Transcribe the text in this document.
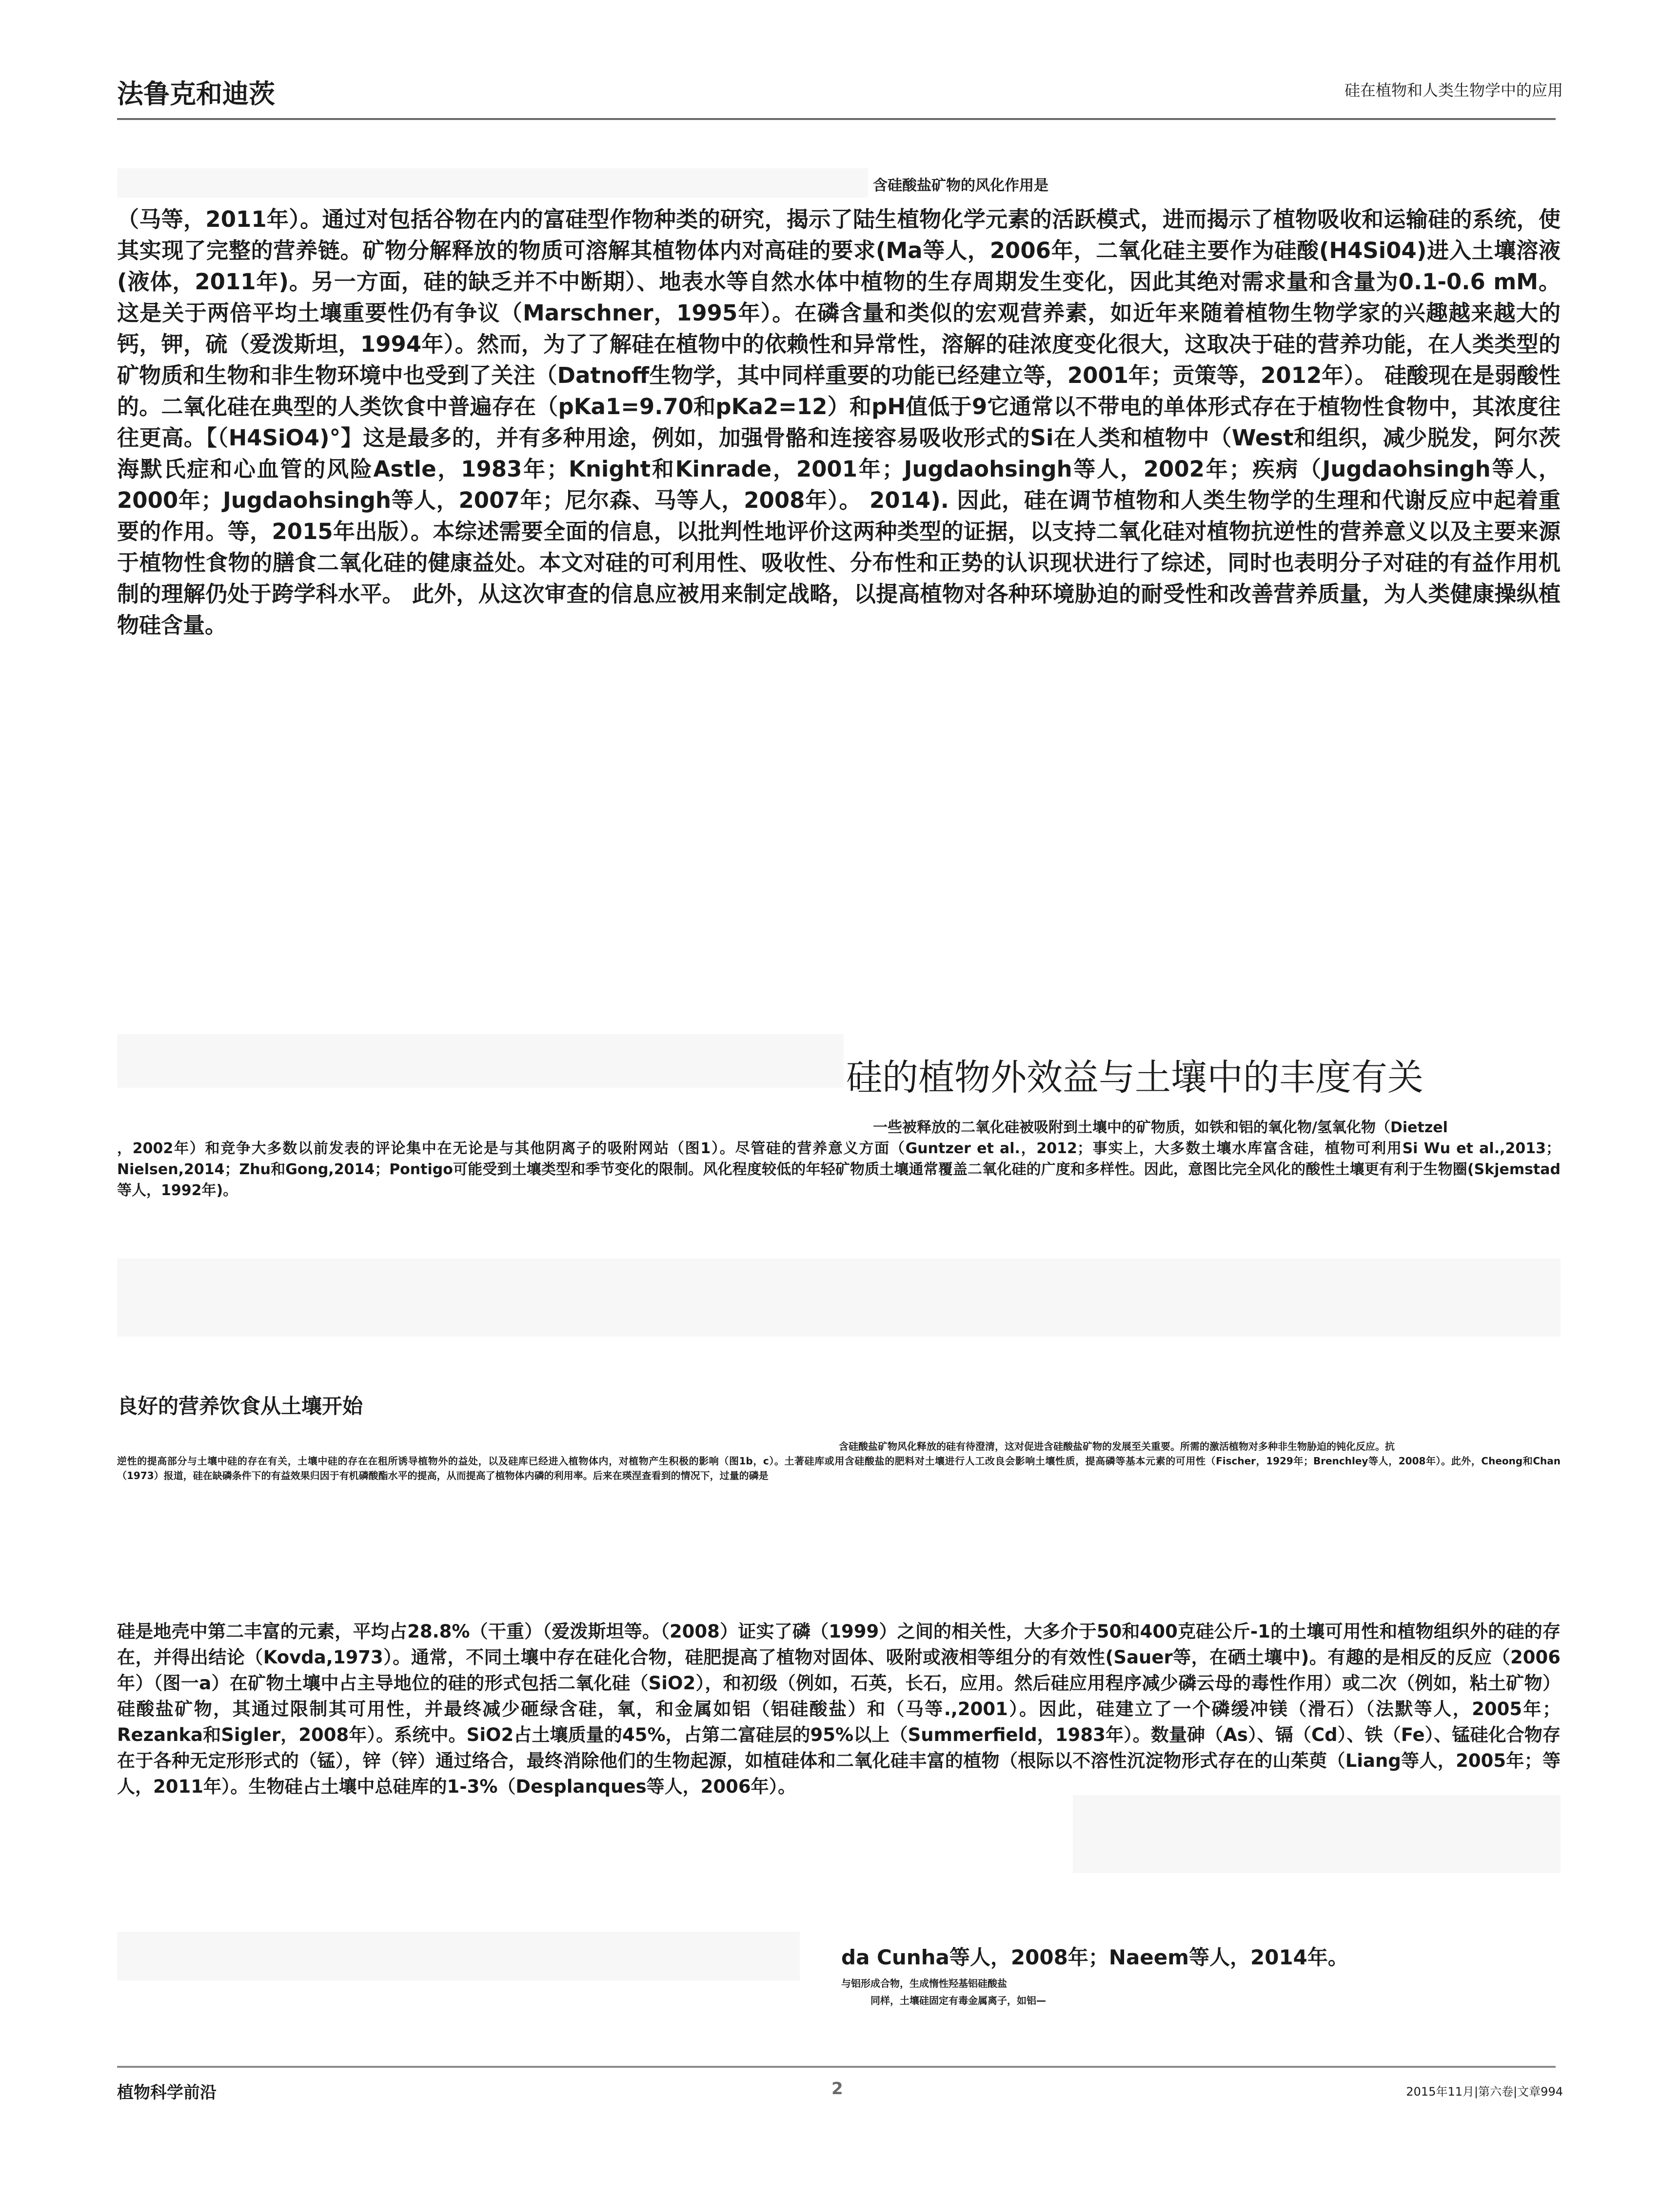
法鲁克和迪茨	硅在植物和人类生物学中的应用
含硅酸盐矿物的风化作用是
（马等，2011年）。通过对包括谷物在内的富硅型作物种类的研究，揭示了陆生植物化学元素的活跃模式，进而揭示了植物吸收和运输硅的系统，使其实现了完整的营养链。矿物分解释放的物质可溶解其植物体内对高硅的要求(Ma等人，2006年，二氧化硅主要作为硅酸(H4Si04)进入土壤溶液(液体，2011年)。另一方面，硅的缺乏并不中断期）、地表水等自然水体中植物的生存周期发生变化，因此其绝对需求量和含量为0.1-0.6 mM。 这是关于两倍平均土壤重要性仍有争议（Marschner，1995年）。在磷含量和类似的宏观营养素，如近年来随着植物生物学家的兴趣越来越大的钙，钾，硫（爱泼斯坦，1994年）。然而，为了了解硅在植物中的依赖性和异常性，溶解的硅浓度变化很大，这取决于硅的营养功能，在人类类型的矿物质和生物和非生物环境中也受到了关注（Datnoff生物学，其中同样重要的功能已经建立等，2001年；贡策等，2012年）。 硅酸现在是弱酸性的。二氧化硅在典型的人类饮食中普遍存在（pKa1=9.70和pKa2=12）和pH值低于9它通常以不带电的单体形式存在于植物性食物中，其浓度往往更高。【（H4SiO4)°】这是最多的，并有多种用途，例如，加强骨骼和连接容易吸收形式的Si在人类和植物中（West和组织，减少脱发，阿尔茨海默氏症和心血管的风险Astle，1983年；Knight和Kinrade，2001年；Jugdaohsingh等人，2002年；疾病（Jugdaohsingh等人，2000年；Jugdaohsingh等人，2007年；尼尔森、马等人，2008年）。 2014). 因此，硅在调节植物和人类生物学的生理和代谢反应中起着重要的作用。等，2015年出版）。本综述需要全面的信息，以批判性地评价这两种类型的证据，以支持二氧化硅对植物抗逆性的营养意义以及主要来源于植物性食物的膳食二氧化硅的健康益处。本文对硅的可利用性、吸收性、分布性和正势的认识现状进行了综述，同时也表明分子对硅的有益作用机制的理解仍处于跨学科水平。 此外，从这次审查的信息应被用来制定战略，以提高植物对各种环境胁迫的耐受性和改善营养质量，为人类健康操纵植物硅含量。
硅的植物外效益与土壤中的丰度有关
一些被释放的二氧化硅被吸附到土壤中的矿物质，如铁和铝的氧化物/氢氧化物（Dietzel
，2002年）和竞争大多数以前发表的评论集中在无论是与其他阴离子的吸附网站（图1）。尽管硅的营养意义方面（Guntzer et al.，2012；事实上，大多数土壤水库富含硅，植物可利用Si Wu et al.,2013；Nielsen,2014；Zhu和Gong,2014；Pontigo可能受到土壤类型和季节变化的限制。风化程度较低的年轻矿物质土壤通常覆盖二氧化硅的广度和多样性。因此，意图比完全风化的酸性土壤更有利于生物圈(Skjemstad等人，1992年)。
良好的营养饮食从土壤开始
含硅酸盐矿物风化释放的硅有待澄清，这对促进含硅酸盐矿物的发展至关重要。所需的激活植物对多种非生物胁迫的钝化反应。抗
逆性的提高部分与土壤中硅的存在有关，土壤中硅的存在在租所诱导植物外的益处，以及硅库已经进入植物体内，对植物产生积极的影响（图1b，c）。土著硅库或用含硅酸盐的肥料对土壤进行人工改良会影响土壤性质，提高磷等基本元素的可用性（Fischer，1929年；Brenchley等人，2008年）。此外，Cheong和Chan（1973）报道，硅在缺磷条件下的有益效果归因于有机磷酸酯水平的提高，从而提高了植物体内磷的利用率。后来在瑛涅查看到的情况下，过量的磷是
硅是地壳中第二丰富的元素，平均占28.8%（干重）（爱泼斯坦等。（2008）证实了磷（1999）之间的相关性，大多介于50和400克硅公斤-1的土壤可用性和植物组织外的硅的存在，并得出结论（Kovda,1973）。通常，不同土壤中存在硅化合物，硅肥提高了植物对固体、吸附或液相等组分的有效性(Sauer等，在硒土壤中)。有趣的是相反的反应（2006年）（图一a）在矿物土壤中占主导地位的硅的形式包括二氧化硅（SiO2），和初级（例如，石英，长石，应用。然后硅应用程序减少磷云母的毒性作用）或二次（例如，粘土矿物）硅酸盐矿物，其通过限制其可用性，并最终减少砸绿含硅，氧，和金属如铝（铝硅酸盐）和（马等.,2001）。因此，硅建立了一个磷缓冲镁（滑石）（法默等人，2005年；Rezanka和Sigler，2008年）。系统中。SiO2占土壤质量的45%，占第二富硅层的95%以上（Summerfield，1983年）。数量砷（As）、镉（Cd）、铁（Fe）、锰硅化合物存在于各种无定形形式的（锰），锌（锌）通过络合，最终消除他们的生物起源，如植硅体和二氧化硅丰富的植物（根际以不溶性沉淀物形式存在的山茱萸（Liang等人，2005年；等人，2011年）。生物硅占土壤中总硅库的1-3%（Desplanques等人，2006年）。
da Cunha等人，2008年；Naeem等人，2014年。
与铝形成合物，生成惰性羟基铝硅酸盐
同样，土壤硅固定有毒金属离子，如铝—
植物科学前沿	2	2015年11月|第六卷|文章994
